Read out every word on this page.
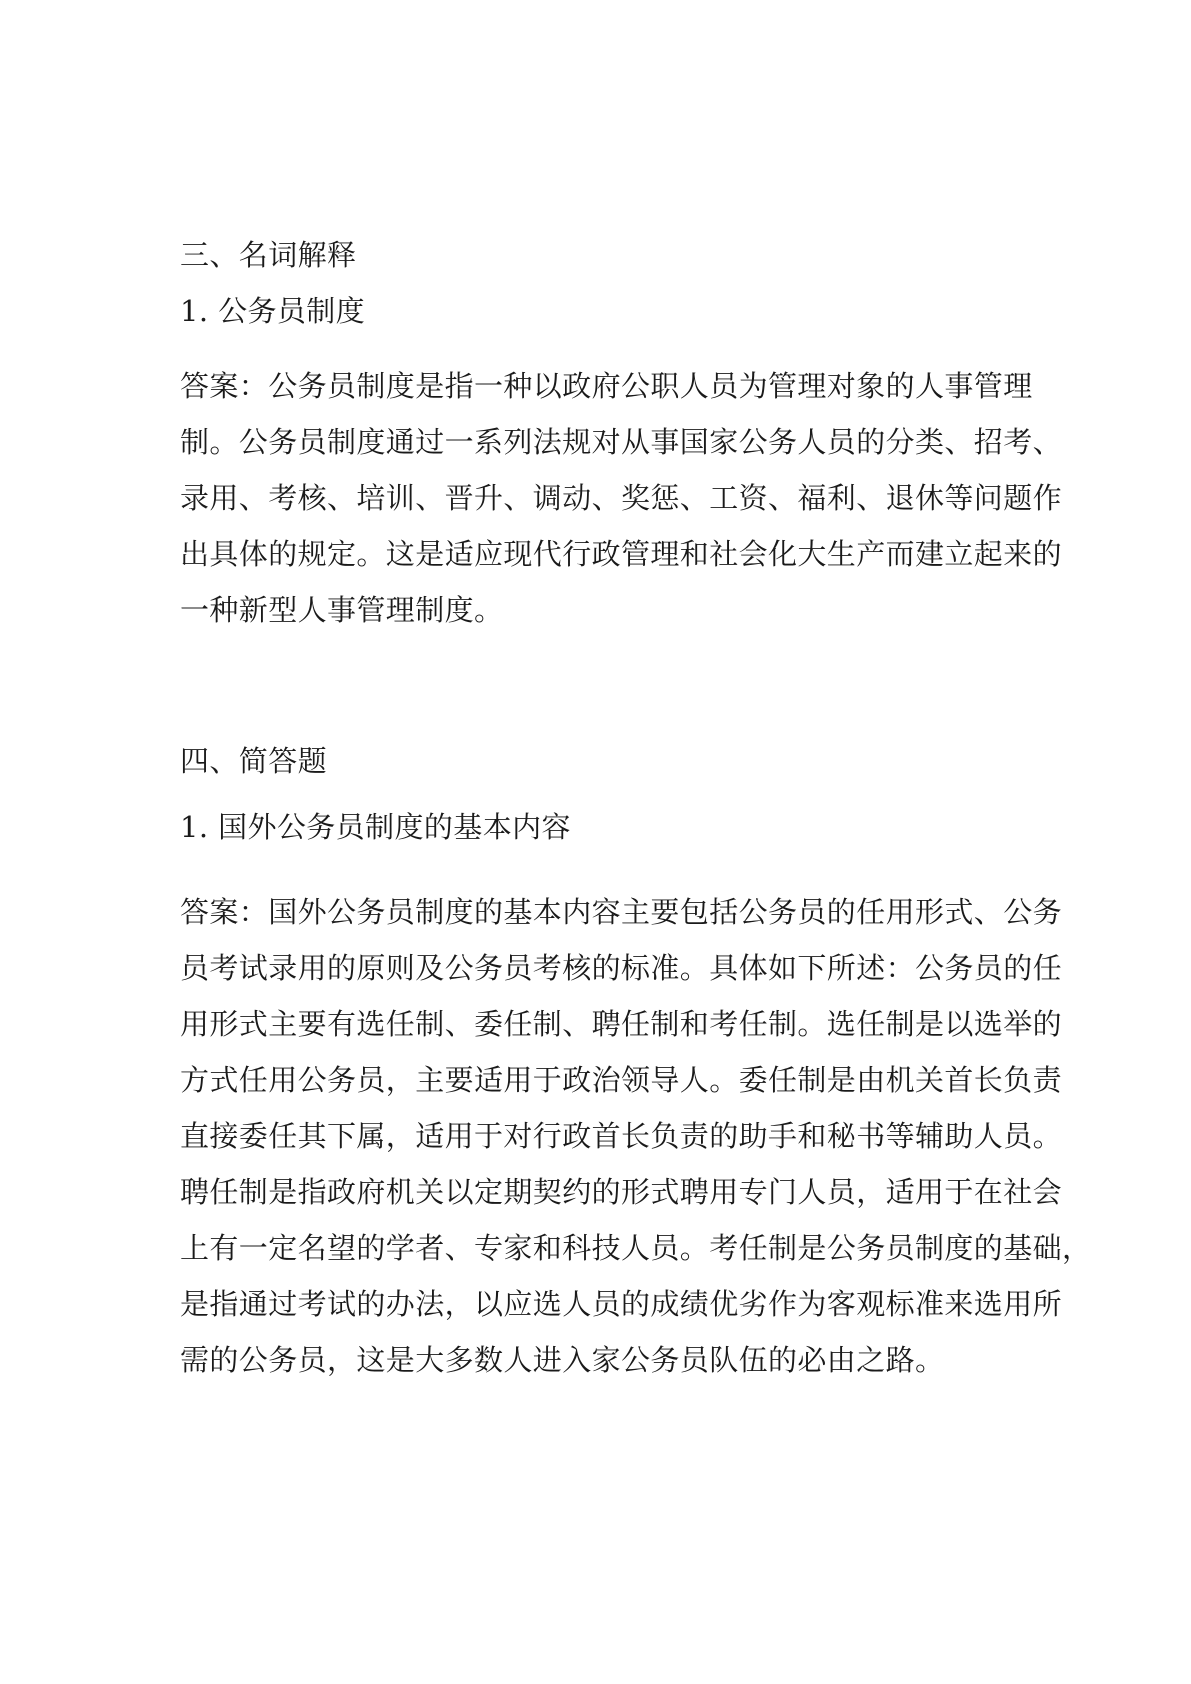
三、名词解释
1. 公务员制度
答案：公务员制度是指一种以政府公职人员为管理对象的人事管理
制。公务员制度通过一系列法规对从事国家公务人员的分类、招考、
录用、考核、培训、晋升、调动、奖惩、工资、福利、退休等问题作
出具体的规定。这是适应现代行政管理和社会化大生产而建立起来的
一种新型人事管理制度。
四、简答题
1. 国外公务员制度的基本内容
答案：国外公务员制度的基本内容主要包括公务员的任用形式、公务
员考试录用的原则及公务员考核的标准。具体如下所述：公务员的任
用形式主要有选任制、委任制、聘任制和考任制。选任制是以选举的
方式任用公务员，主要适用于政治领导人。委任制是由机关首长负责
直接委任其下属，适用于对行政首长负责的助手和秘书等辅助人员。
聘任制是指政府机关以定期契约的形式聘用专门人员，适用于在社会
上有一定名望的学者、专家和科技人员。考任制是公务员制度的基础，
是指通过考试的办法，以应选人员的成绩优劣作为客观标准来选用所
需的公务员，这是大多数人进入家公务员队伍的必由之路。
